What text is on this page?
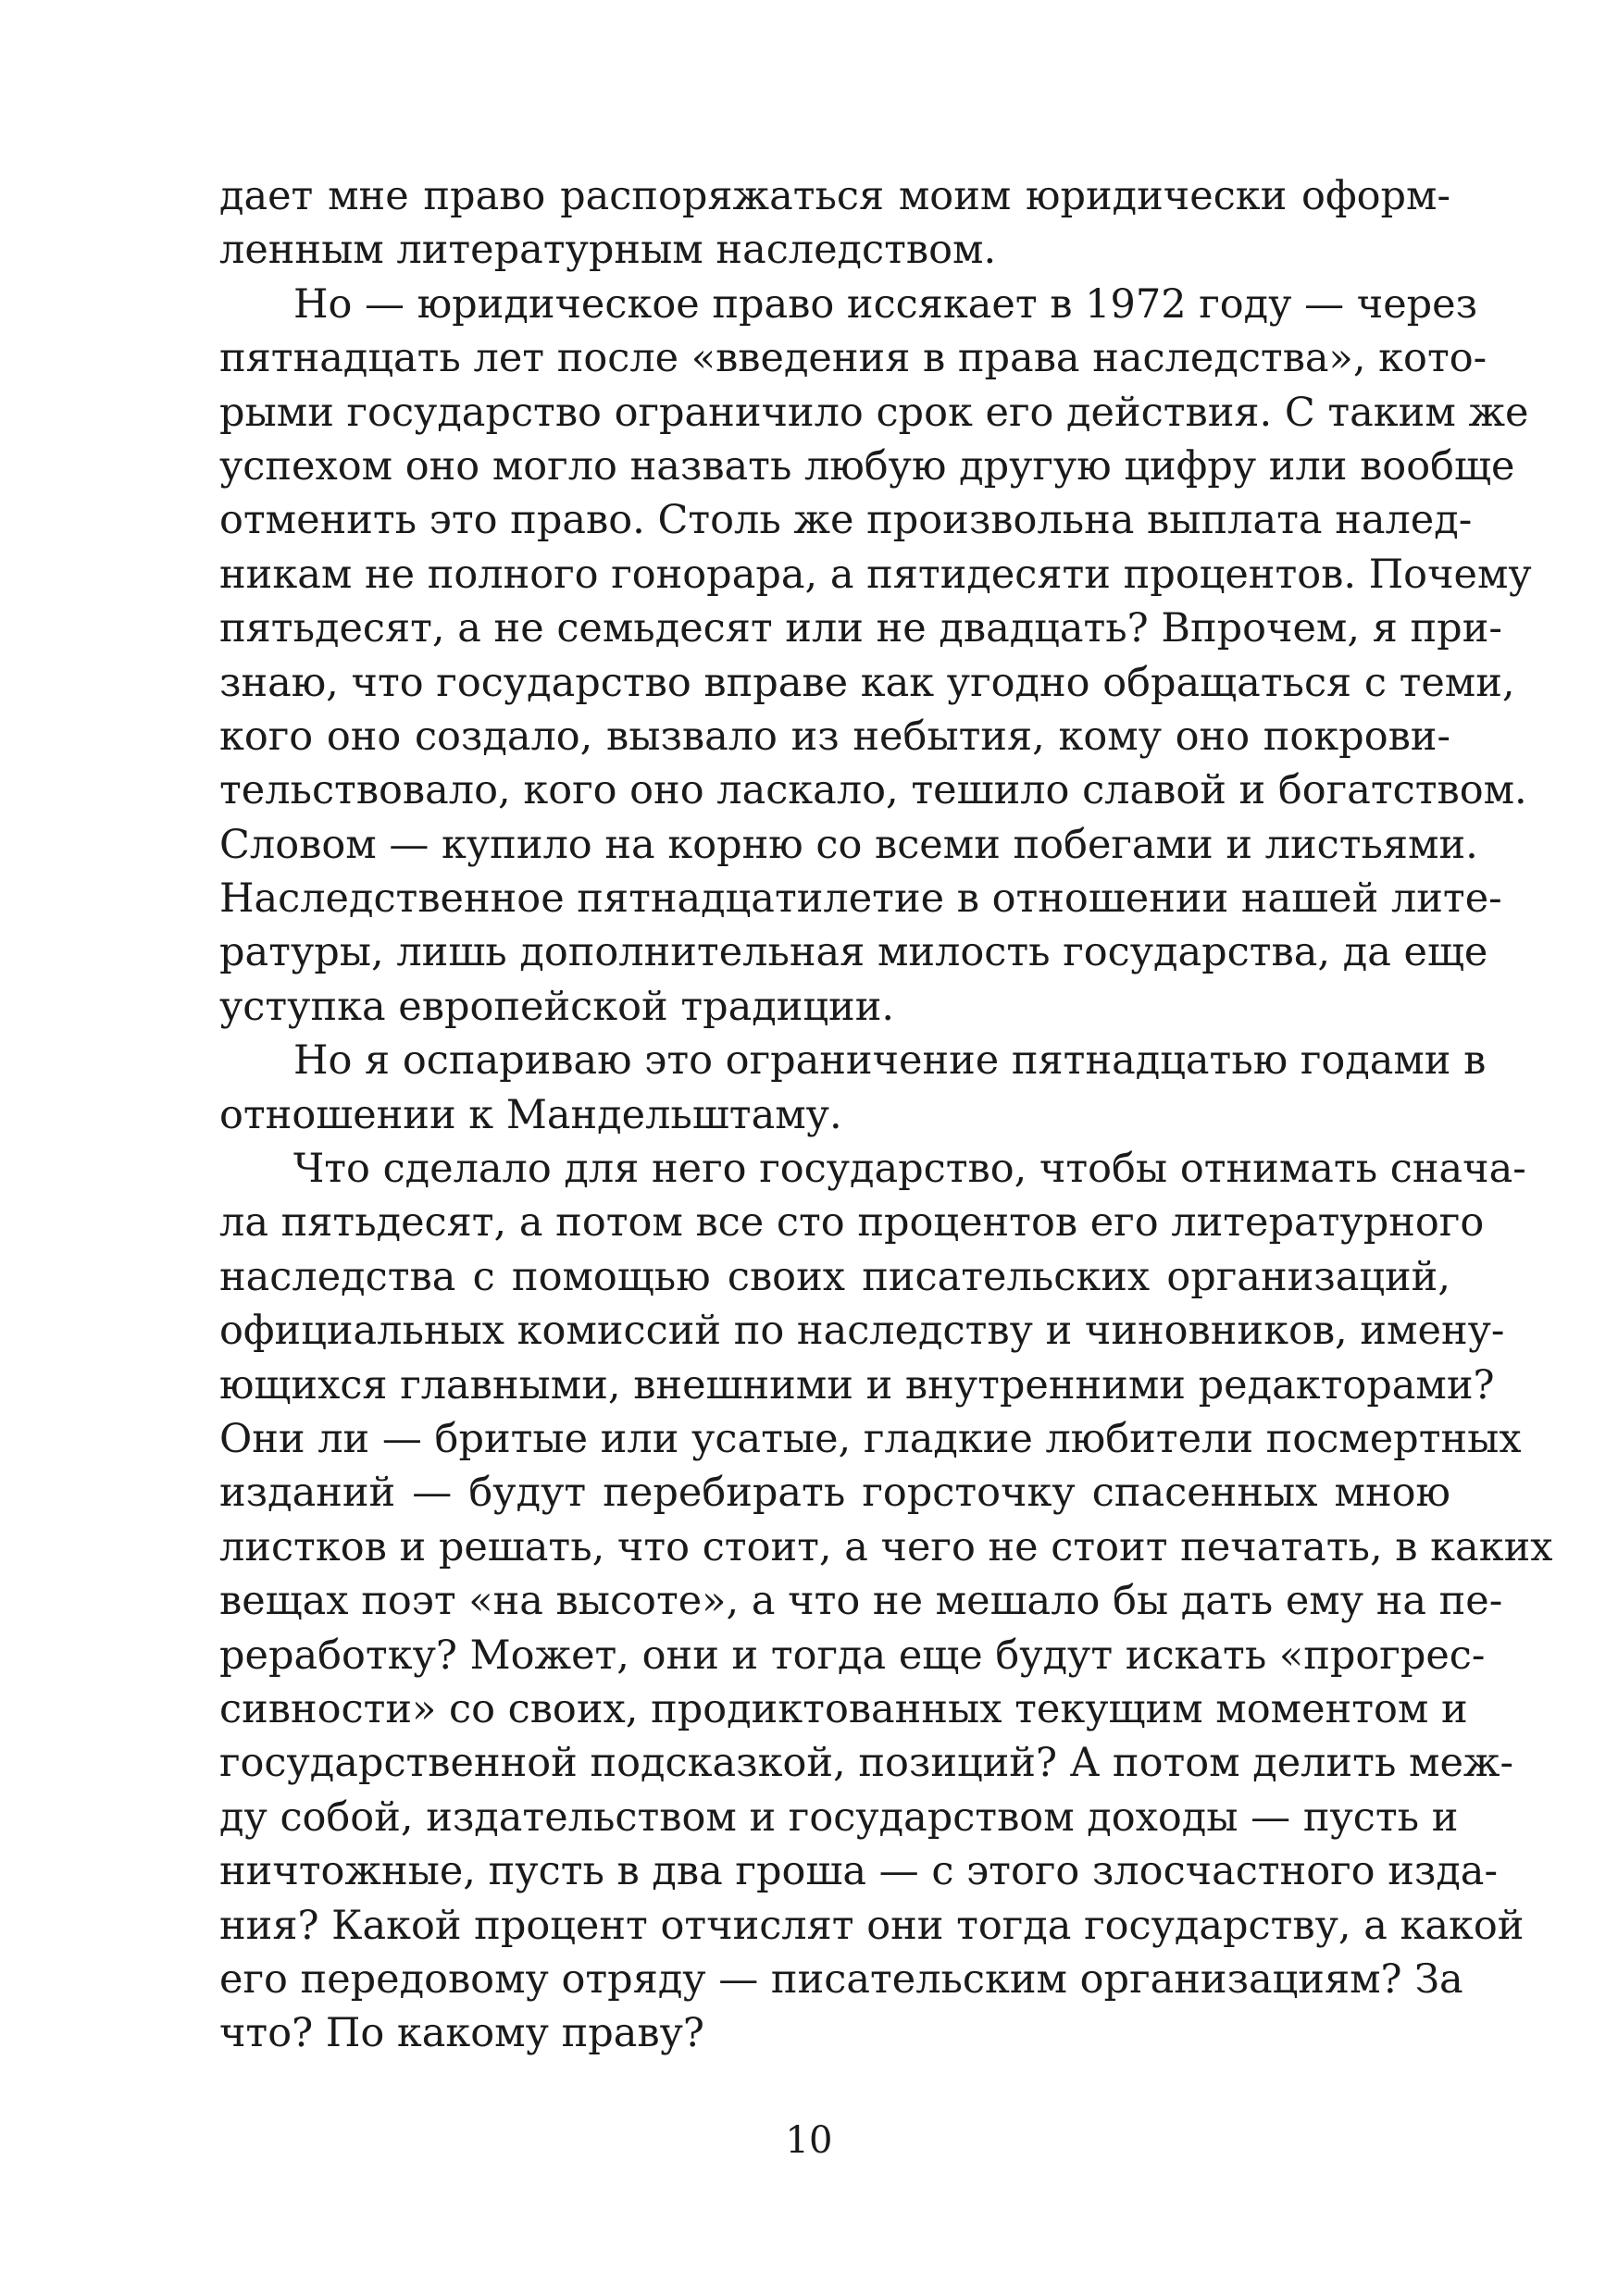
дает мне право распоряжаться моим юридически оформ-
ленным литературным наследством.
Но — юридическое право иссякает в 1972 году — через
пятнадцать лет после «введения в права наследства», кото-
рыми государство ограничило срок его действия. С таким же
успехом оно могло назвать любую другую цифру или вообще
отменить это право. Столь же произвольна выплата налед-
никам не полного гонорара, а пятидесяти процентов. Почему
пятьдесят, а не семьдесят или не двадцать? Впрочем, я при-
знаю, что государство вправе как угодно обращаться с теми,
кого оно создало, вызвало из небытия, кому оно покрови-
тельствовало, кого оно ласкало, тешило славой и богатством.
Словом — купило на корню со всеми побегами и листьями.
Наследственное пятнадцатилетие в отношении нашей лите-
ратуры, лишь дополнительная милость государства, да еще
уступка европейской традиции.
Но я оспариваю это ограничение пятнадцатью годами в
отношении к Мандельштаму.
Что сделало для него государство, чтобы отнимать снача-
ла пятьдесят, а потом все сто процентов его литературного
наследства с помощью своих писательских организаций,
официальных комиссий по наследству и чиновников, имену-
ющихся главными, внешними и внутренними редакторами?
Они ли — бритые или усатые, гладкие любители посмертных
изданий — будут перебирать горсточку спасенных мною
листков и решать, что стоит, а чего не стоит печатать, в каких
вещах поэт «на высоте», а что не мешало бы дать ему на пе-
реработку? Может, они и тогда еще будут искать «прогрес-
сивности» со своих, продиктованных текущим моментом и
государственной подсказкой, позиций? А потом делить меж-
ду собой, издательством и государством доходы — пусть и
ничтожные, пусть в два гроша — с этого злосчастного изда-
ния? Какой процент отчислят они тогда государству, а какой
его передовому отряду — писательским организациям? За
что? По какому праву?
10
